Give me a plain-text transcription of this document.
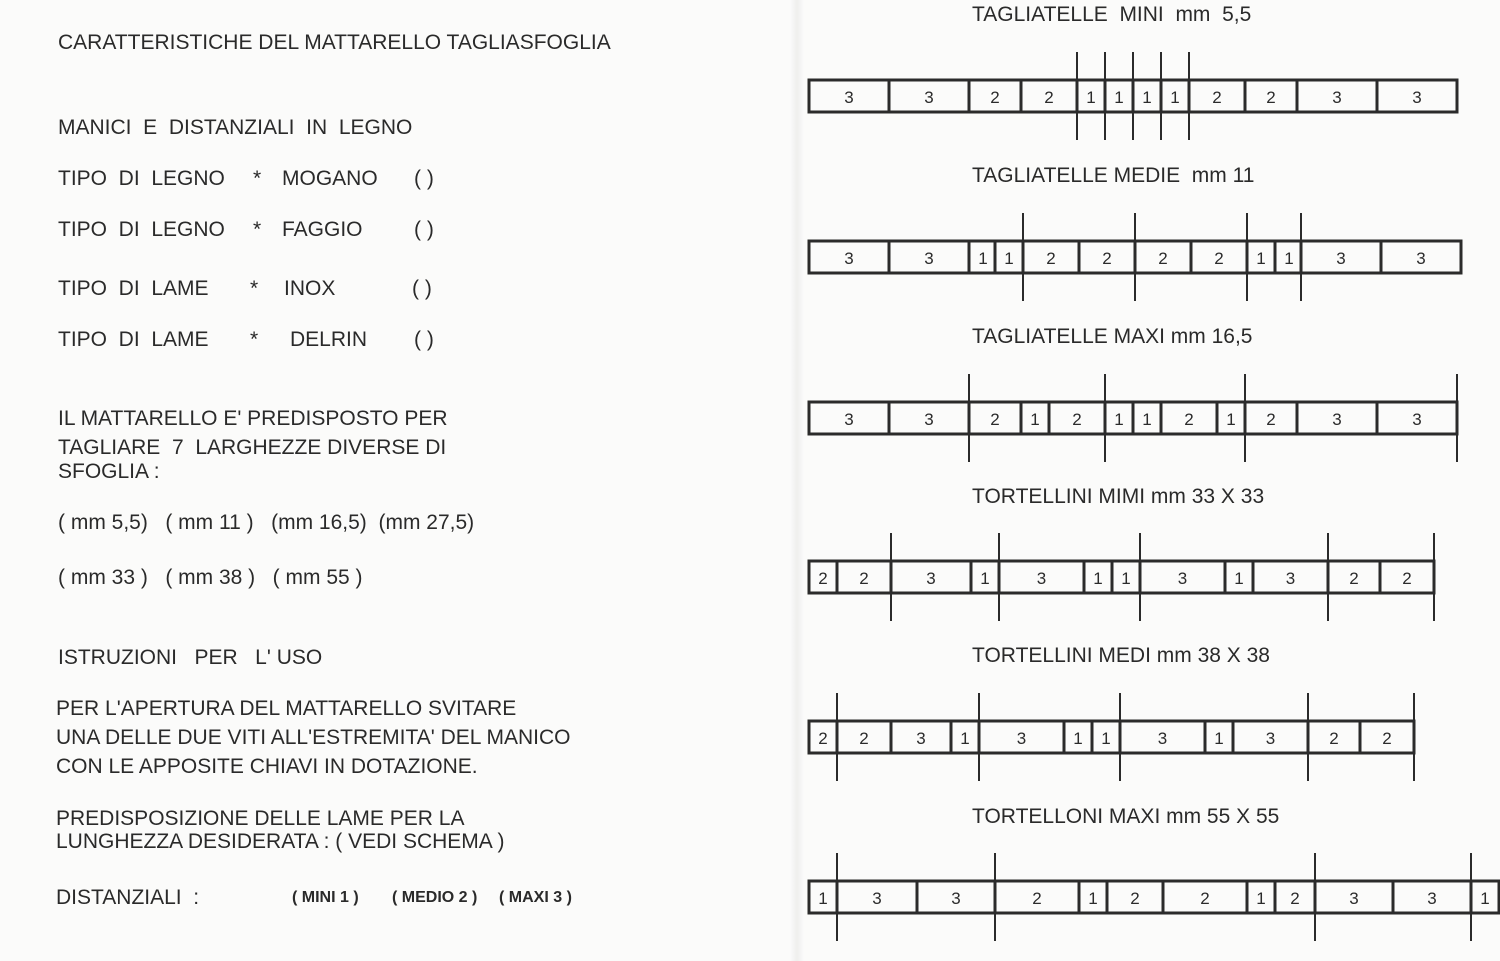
CARATTERISTICHE DEL MATTARELLO TAGLIASFOGLIA
MANICI  E  DISTANZIALI  IN  LEGNO
TIPO  DI  LEGNO * MOGANO ( )
TIPO  DI  LEGNO * FAGGIO ( )
TIPO  DI  LAME * INOX	( )
TIPO  DI  LAME * DELRIN ( )
IL MATTARELLO E' PREDISPOSTO PER
TAGLIARE  7  LARGHEZZE DIVERSE DI
SFOGLIA :
( mm 5,5)   ( mm 11 )   (mm 16,5)  (mm 27,5)
( mm 33 )   ( mm 38 )   ( mm 55 )
ISTRUZIONI   PER   L' USO
PER L'APERTURA DEL MATTARELLO SVITARE
UNA DELLE DUE VITI ALL'ESTREMITA' DEL MANICO
CON LE APPOSITE CHIAVI IN DOTAZIONE.
PREDISPOSIZIONE DELLE LAME PER LA
LUNGHEZZA DESIDERATA : ( VEDI SCHEMA )
DISTANZIALI  :	( MINI 1 ) ( MEDIO 2 ) ( MAXI 3 )
TAGLIATELLE  MINI  mm  5,5
TAGLIATELLE MEDIE  mm 11
TAGLIATELLE MAXI mm 16,5
TORTELLINI MIMI mm 33 X 33
TORTELLINI MEDI mm 38 X 38
TORTELLONI MAXI mm 55 X 55
3	3	2	2 1 1 1 1 2	2	3	3
3	3	1 1 2	2	2	2 1 1	3	3
3	3	2 1 2 1 1 2 1 2	3	3
2 2	3	1	3	1 1	3	1 3	2	2
2 2	3 1	3	1 1	3	1 3	2	2
1	3	3	2	1 2	2	1 2	3	3	1
